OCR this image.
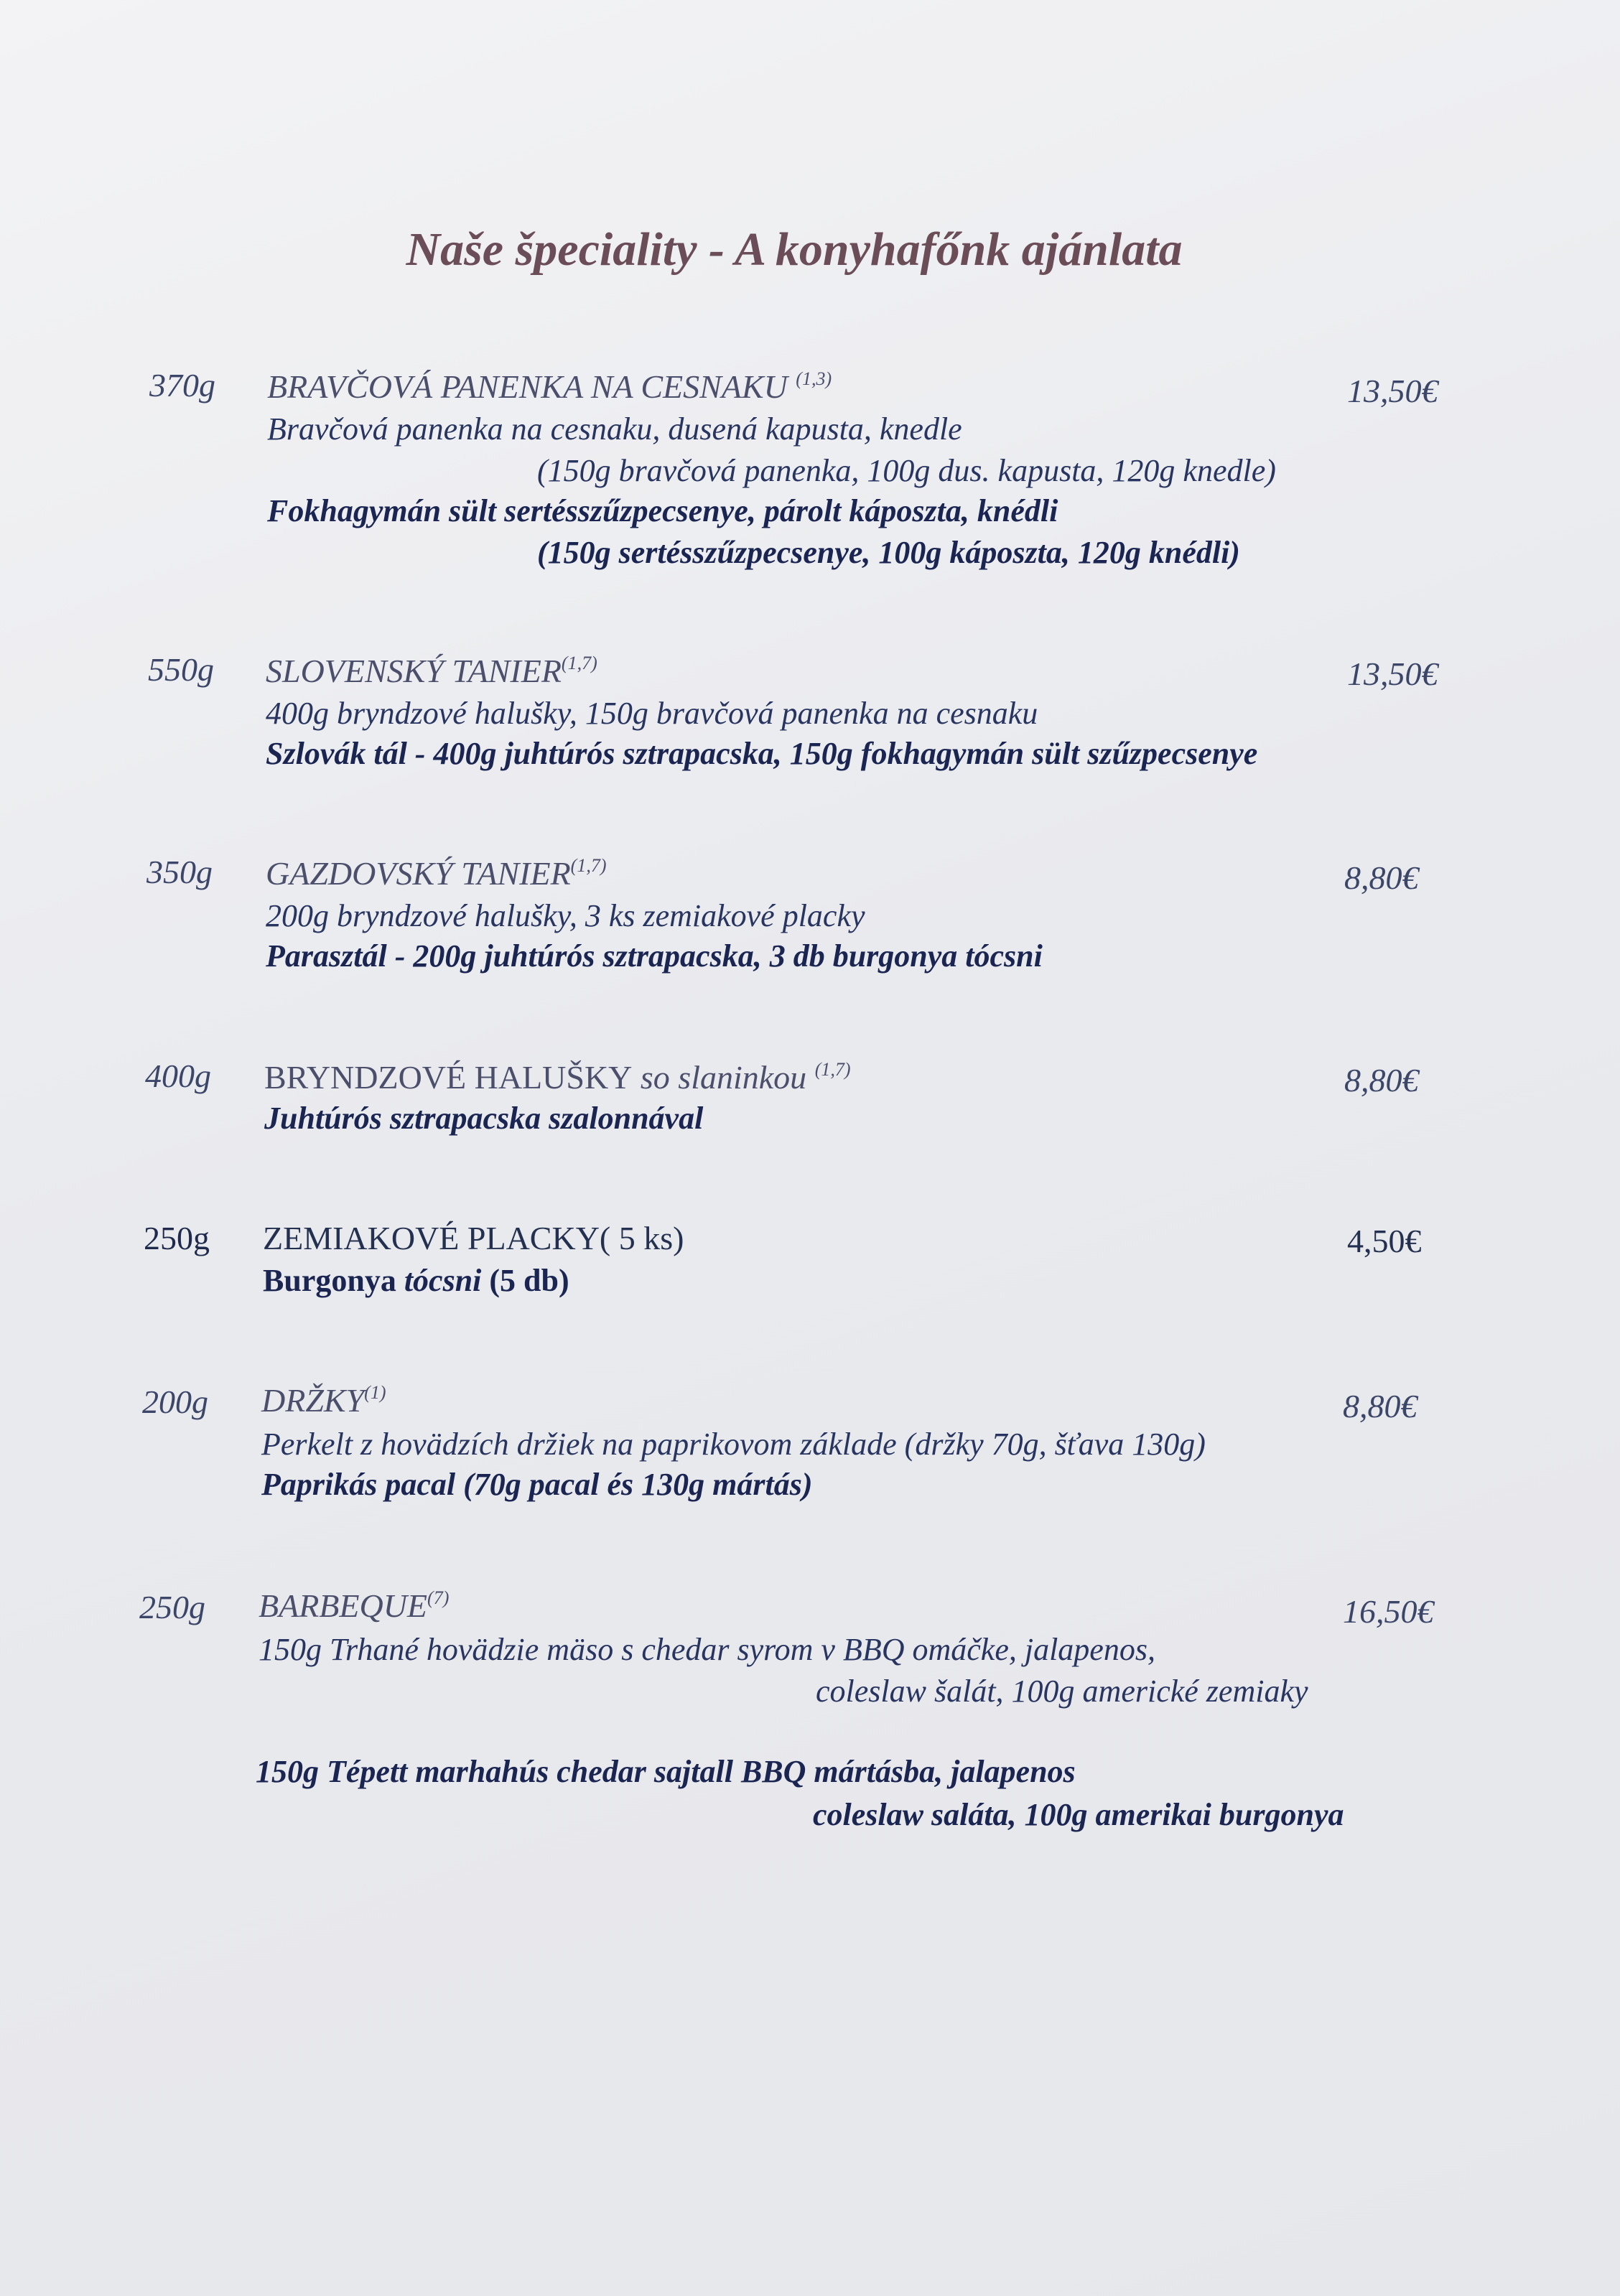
Naše špeciality - A konyhafőnk ajánlata
370g BRAVČOVÁ PANENKA NA CESNAKU $^{(1,3)}$	13,50€
Bravčová panenka na cesnaku, dusená kapusta, knedle
(150g bravčová panenka, 100g dus. kapusta, 120g knedle)
Fokhagymán sült sertésszűzpecsenye, párolt káposzta, knédli
(150g sertésszűzpecsenye, 100g káposzta, 120g knédli)
550g SLOVENSKÝ TANIER$^{(1,7)}$	13,50€
400g bryndzové halušky, 150g bravčová panenka na cesnaku
Szlovák tál - 400g juhtúrós sztrapacska, 150g fokhagymán sült szűzpecsenye
350g GAZDOVSKÝ TANIER$^{(1,7)}$	8,80€
200g bryndzové halušky, 3 ks zemiakové placky
Parasztál - 200g juhtúrós sztrapacska, 3 db burgonya tócsni
400g BRYNDZOVÉ HALUŠKY so slaninkou $^{(1,7)}$	8,80€
Juhtúrós sztrapacska szalonnával
250g ZEMIAKOVÉ PLACKY( 5 ks)	4,50€
Burgonya tócsni (5 db)
200g DRŽKY$^{(1)}$	8,80€
Perkelt z hovädzích držiek na paprikovom základe (držky 70g, šťava 130g)
Paprikás pacal (70g pacal és 130g mártás)
250g BARBEQUE$^{(7)}$	16,50€
150g Trhané hovädzie mäso s chedar syrom v BBQ omáčke, jalapenos,
coleslaw šalát, 100g americké zemiaky
150g Tépett marhahús chedar sajtall BBQ mártásba, jalapenos
coleslaw saláta, 100g amerikai burgonya
